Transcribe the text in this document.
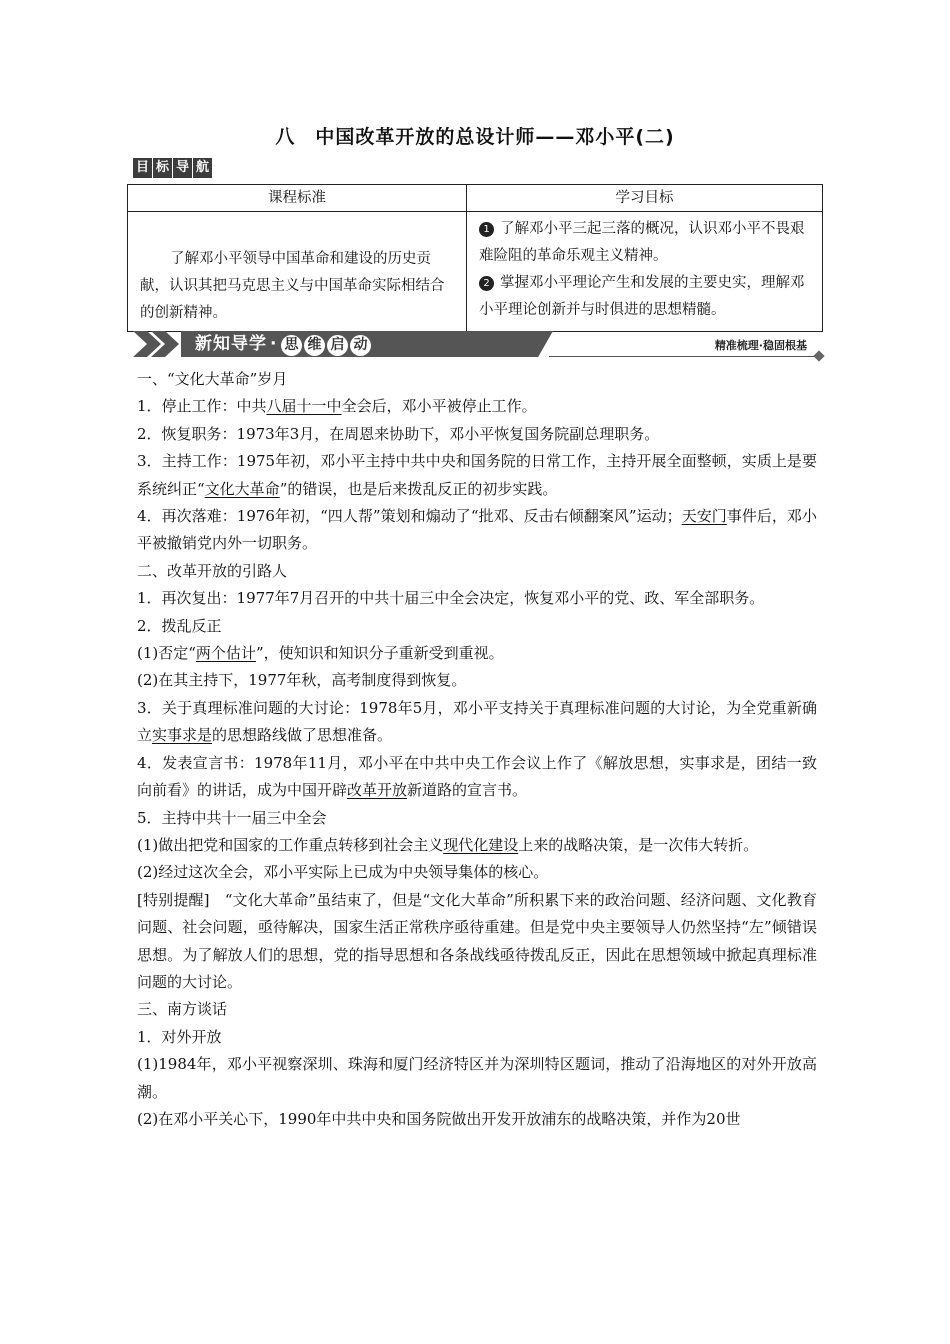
八　中国改革开放的总设计师——邓小平(二)
目 标 导 航
课程标准	学习目标
了解邓小平领导中国革命和建设的历史贡献，认识其把马克思主义与中国革命实际相结合的创新精神。	1 了解邓小平三起三落的概况，认识邓小平不畏艰难险阻的革命乐观主义精神。
2 掌握邓小平理论产生和发展的主要史实，理解邓小平理论创新并与时俱进的思想精髓。
新知导学 · 思 维 启 动	精准梳理·稳固根基

一、“文化大革命”岁月

1．停止工作：中共八届十一中全会后，邓小平被停止工作。

2．恢复职务：1973年3月，在周恩来协助下，邓小平恢复国务院副总理职务。

3．主持工作：1975年初，邓小平主持中共中央和国务院的日常工作，主持开展全面整顿，实质上是要系统纠正“文化大革命”的错误，也是后来拨乱反正的初步实践。

4．再次落难：1976年初，“四人帮”策划和煽动了“批邓、反击右倾翻案风”运动；天安门事件后，邓小平被撤销党内外一切职务。

二、改革开放的引路人

1．再次复出：1977年7月召开的中共十届三中全会决定，恢复邓小平的党、政、军全部职务。

2．拨乱反正

(1)否定“两个估计”，使知识和知识分子重新受到重视。

(2)在其主持下，1977年秋，高考制度得到恢复。

3．关于真理标准问题的大讨论：1978年5月，邓小平支持关于真理标准问题的大讨论，为全党重新确立实事求是的思想路线做了思想准备。

4．发表宣言书：1978年11月，邓小平在中共中央工作会议上作了《解放思想，实事求是，团结一致向前看》的讲话，成为中国开辟改革开放新道路的宣言书。

5．主持中共十一届三中全会

(1)做出把党和国家的工作重点转移到社会主义现代化建设上来的战略决策，是一次伟大转折。

(2)经过这次全会，邓小平实际上已成为中央领导集体的核心。

[特别提醒]　“文化大革命”虽结束了，但是“文化大革命”所积累下来的政治问题、经济问题、文化教育问题、社会问题，亟待解决，国家生活正常秩序亟待重建。但是党中央主要领导人仍然坚持“左”倾错误思想。为了解放人们的思想，党的指导思想和各条战线亟待拨乱反正，因此在思想领域中掀起真理标准问题的大讨论。

三、南方谈话

1．对外开放

(1)1984年，邓小平视察深圳、珠海和厦门经济特区并为深圳特区题词，推动了沿海地区的对外开放高潮。

(2)在邓小平关心下，1990年中共中央和国务院做出开发开放浦东的战略决策，并作为20世
